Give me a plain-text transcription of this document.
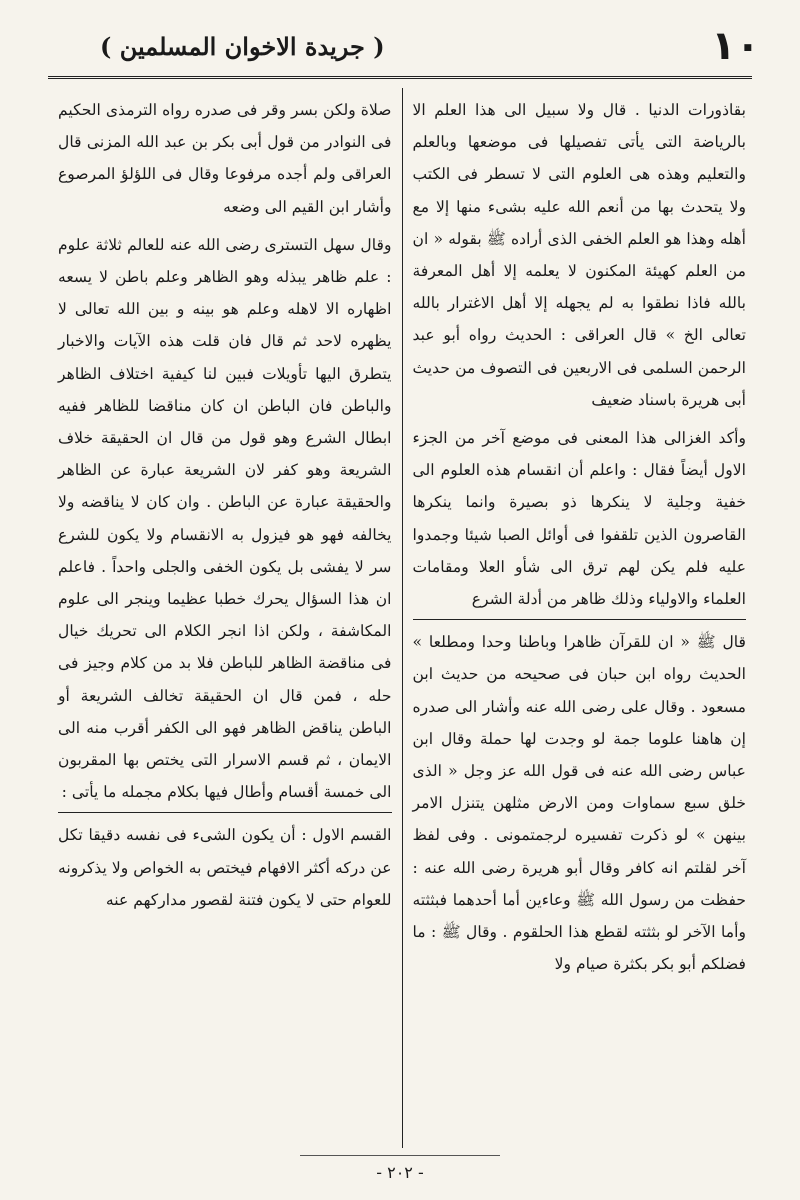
١٠
( جريدة الاخوان المسلمين )

بقاذورات الدنيا . قال ولا سبيل الى هذا العلم الا بالرياضة التى يأتى تفصيلها فى موضعها وبالعلم والتعليم وهذه هى العلوم التى لا تسطر فى الكتب ولا يتحدث بها من أنعم الله عليه بشىء منها إلا مع أهله وهذا هو العلم الخفى الذى أراده ﷺ بقوله « ان من العلم كهيئة المكنون لا يعلمه إلا أهل المعرفة بالله فاذا نطقوا به لم يجهله إلا أهل الاغترار بالله تعالى الخ » قال العراقى : الحديث رواه أبو عبد الرحمن السلمى فى الاربعين فى التصوف من حديث أبى هريرة باسناد ضعيف

وأكد الغزالى هذا المعنى فى موضع آخر من الجزء الاول أيضاً فقال : واعلم أن انقسام هذه العلوم الى خفية وجلية لا ينكرها ذو بصيرة وانما ينكرها القاصرون الذين تلقفوا فى أوائل الصبا شيئا وجمدوا عليه فلم يكن لهم ترق الى شأو العلا ومقامات العلماء والاولياء وذلك ظاهر من أدلة الشرع

قال ﷺ « ان للقرآن ظاهرا وباطنا وحدا ومطلعا » الحديث رواه ابن حبان فى صحيحه من حديث ابن مسعود . وقال على رضى الله عنه وأشار الى صدره إن هاهنا علوما جمة لو وجدت لها حملة وقال ابن عباس رضى الله عنه فى قول الله عز وجل « الذى خلق سبع سماوات ومن الارض مثلهن يتنزل الامر بينهن » لو ذكرت تفسيره لرجمتمونى . وفى لفظ آخر لقلتم انه كافر وقال أبو هريرة رضى الله عنه : حفظت من رسول الله ﷺ وعاءين أما أحدهما فبثثته وأما الآخر لو بثثته لقطع هذا الحلقوم . وقال ﷺ : ما فضلكم أبو بكر بكثرة صيام ولا

صلاة ولكن بسر وقر فى صدره رواه الترمذى الحكيم فى النوادر من قول أبى بكر بن عبد الله المزنى قال العراقى ولم أجده مرفوعا وقال فى اللؤلؤ المرصوع وأشار ابن القيم الى وضعه

وقال سهل التسترى رضى الله عنه للعالم ثلاثة علوم : علم ظاهر يبذله وهو الظاهر وعلم باطن لا يسعه اظهاره الا لاهله وعلم هو بينه و بين الله تعالى لا يظهره لاحد ثم قال فان قلت هذه الآيات والاخبار يتطرق اليها تأويلات فبين لنا كيفية اختلاف الظاهر والباطن فان الباطن ان كان مناقضا للظاهر ففيه ابطال الشرع وهو قول من قال ان الحقيقة خلاف الشريعة وهو كفر لان الشريعة عبارة عن الظاهر والحقيقة عبارة عن الباطن . وان كان لا يناقضه ولا يخالفه فهو هو فيزول به الانقسام ولا يكون للشرع سر لا يفشى بل يكون الخفى والجلى واحداً . فاعلم ان هذا السؤال يحرك خطبا عظيما وينجر الى علوم المكاشفة ، ولكن اذا انجر الكلام الى تحريك خيال فى مناقضة الظاهر للباطن فلا بد من كلام وجيز فى حله ، فمن قال ان الحقيقة تخالف الشريعة أو الباطن يناقض الظاهر فهو الى الكفر أقرب منه الى الايمان ، ثم قسم الاسرار التى يختص بها المقربون الى خمسة أقسام وأطال فيها بكلام مجمله ما يأتى :

القسم الاول : أن يكون الشىء فى نفسه دقيقا تكل عن دركه أكثر الافهام فيختص به الخواص ولا يذكرونه للعوام حتى لا يكون فتنة لقصور مداركهم عنه

- ٢٠٢ -
